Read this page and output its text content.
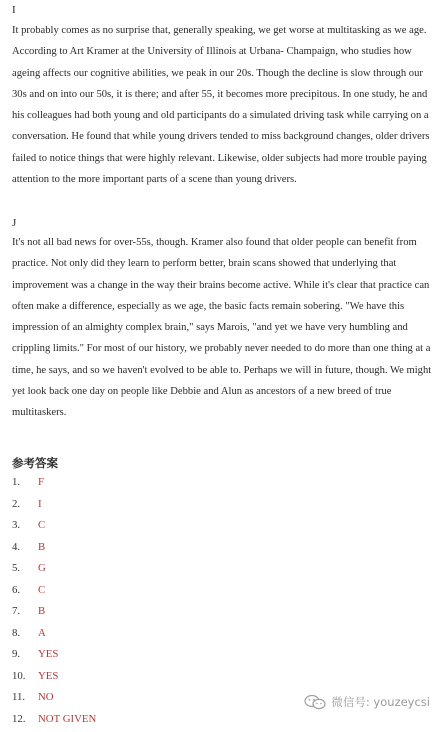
I

It probably comes as no surprise that, generally speaking, we get worse at multitasking as we age. According to Art Kramer at the University of Illinois at Urbana- Champaign, who studies how ageing affects our cognitive abilities, we peak in our 20s. Though the decline is slow through our 30s and on into our 50s, it is there; and after 55, it becomes more precipitous. In one study, he and his colleagues had both young and old participants do a simulated driving task while carrying on a conversation. He found that while young drivers tended to miss background changes, older drivers failed to notice things that were highly relevant. Likewise, older subjects had more trouble paying attention to the more important parts of a scene than young drivers.

J

It's not all bad news for over-55s, though. Kramer also found that older people can benefit from practice. Not only did they learn to perform better, brain scans showed that underlying that improvement was a change in the way their brains become active. While it's clear that practice can often make a difference, especially as we age, the basic facts remain sobering. "We have this impression of an almighty complex brain," says Marois, "and yet we have very humbling and crippling limits." For most of our history, we probably never needed to do more than one thing at a time, he says, and so we haven't evolved to be able to. Perhaps we will in future, though. We might yet look back one day on people like Debbie and Alun as ancestors of a new breed of true multitaskers.

参考答案
1.	F
2.	I
3.	C
4.	B
5.	G
6.	C
7.	B
8.	A
9.	YES
10.	YES
11.	NO
12.	NOT GIVEN
微信号: youzeycsi
